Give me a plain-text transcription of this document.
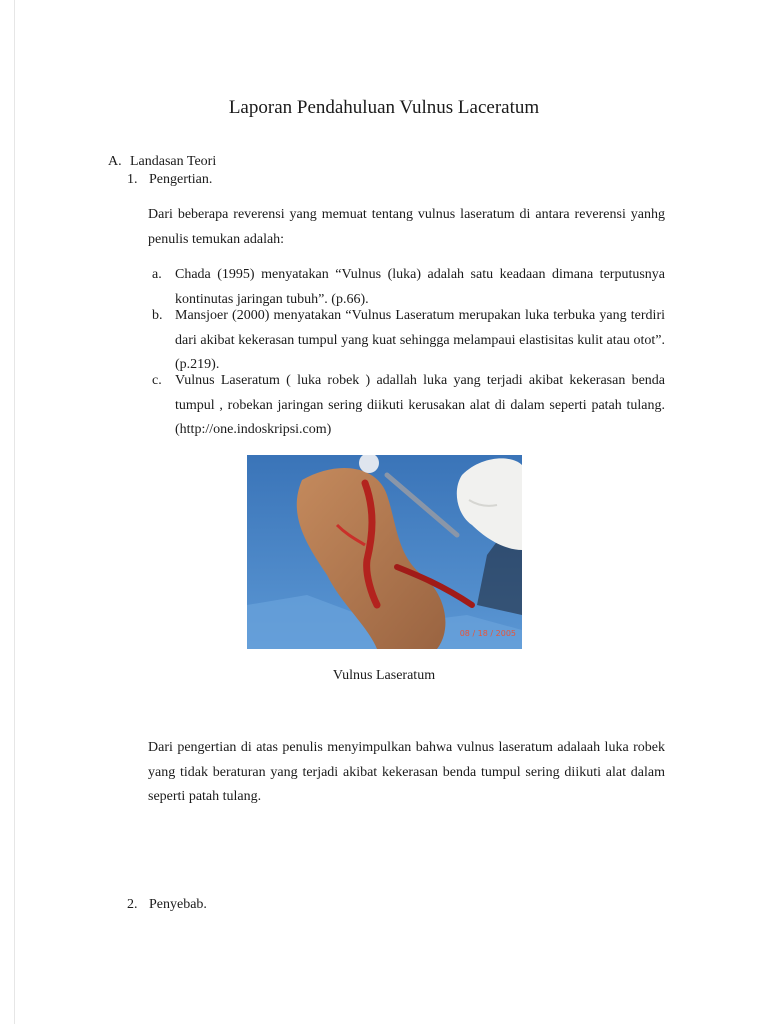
Laporan Pendahuluan Vulnus Laceratum
A. Landasan Teori
1. Pengertian.

Dari beberapa reverensi yang memuat tentang vulnus laseratum di antara reverensi yanhg penulis temukan adalah:

a. Chada (1995) menyatakan “Vulnus (luka) adalah satu keadaan dimana terputusnya kontinutas jaringan tubuh”. (p.66).
b. Mansjoer (2000) menyatakan “Vulnus Laseratum merupakan luka terbuka yang terdiri dari akibat kekerasan tumpul yang kuat sehingga melampaui elastisitas kulit atau otot”. (p.219).
c. Vulnus Laseratum ( luka robek ) adallah luka yang terjadi akibat kekerasan benda tumpul , robekan jaringan sering diikuti kerusakan alat di dalam seperti patah tulang. (http://one.indoskripsi.com)
08 / 18 / 2005
Vulnus Laseratum

Dari pengertian di atas penulis menyimpulkan bahwa vulnus laseratum adalaah luka robek yang tidak beraturan yang terjadi akibat kekerasan benda tumpul sering diikuti alat dalam seperti patah tulang.

2. Penyebab.
